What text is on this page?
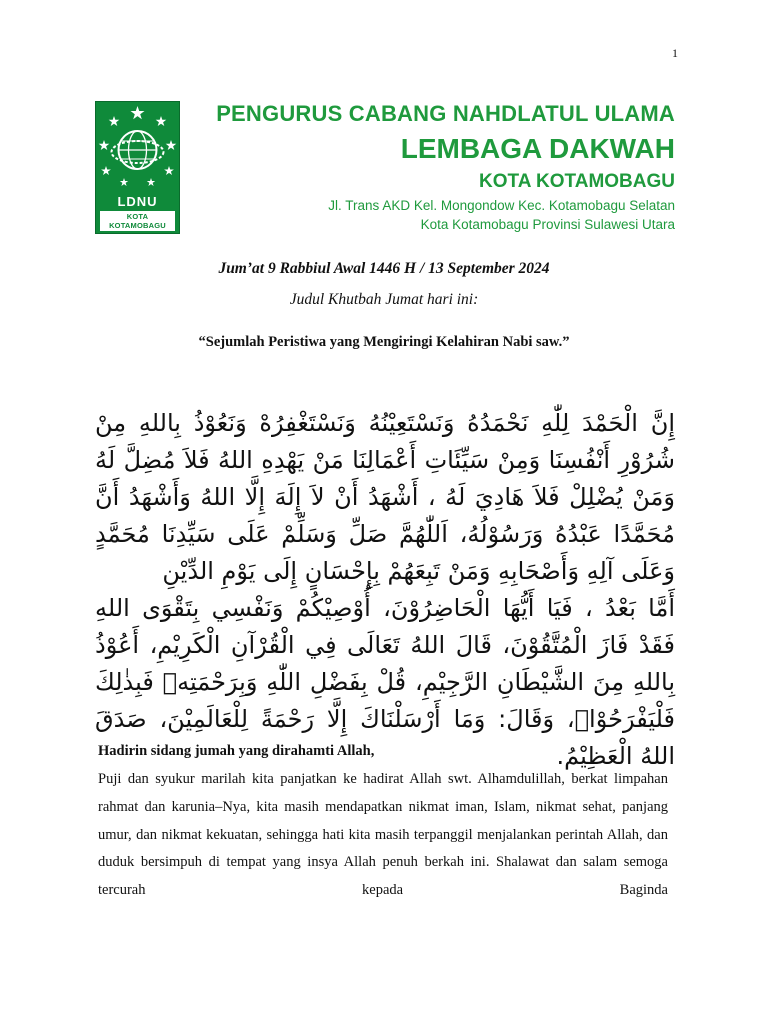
1
LDNU
KOTA KOTAMOBAGU
PENGURUS CABANG NAHDLATUL ULAMA
LEMBAGA DAKWAH
KOTA KOTAMOBAGU
Jl. Trans AKD Kel. Mongondow Kec. Kotamobagu Selatan
Kota Kotamobagu Provinsi Sulawesi Utara
Jum’at 9 Rabbiul Awal 1446 H / 13 September 2024
Judul Khutbah Jumat hari ini:
“Sejumlah Peristiwa yang Mengiringi Kelahiran Nabi saw.”

إِنَّ الْحَمْدَ لِلّٰهِ نَحْمَدُهُ وَنَسْتَعِيْنُهُ وَنَسْتَغْفِرُهْ وَنَعُوْذُ بِاللهِ مِنْ شُرُوْرِ أَنْفُسِنَا وَمِنْ سَيِّئَاتِ أَعْمَالِنَا مَنْ يَهْدِهِ اللهُ فَلاَ مُضِلَّ لَهُ وَمَنْ يُضْلِلْ فَلاَ هَادِيَ لَهُ ، أَشْهَدُ أَنْ لاَ إِلَهَ إِلَّا اللهُ وَأَشْهَدُ أَنَّ مُحَمَّدًا عَبْدُهُ وَرَسُوْلُهُ، اَللّٰهُمَّ صَلِّ وَسَلِّمْ عَلَى سَيِّدِنَا مُحَمَّدٍ وَعَلَى آلِهِ وَأَصْحَابِهِ وَمَنْ تَبِعَهُمْ بِإِحْسَانٍ إِلَى يَوْمِ الدِّيْنِ

أَمَّا بَعْدُ ، فَيَا أَيُّهَا الْحَاضِرُوْنَ، أُوْصِيْكُمْ وَنَفْسِي بِتَقْوَى اللهِ فَقَدْ فَازَ الْمُتَّقُوْنَ، قَالَ اللهُ تَعَالَى فِي الْقُرْآنِ الْكَرِيْمِ، أَعُوْذُ بِاللهِ مِنَ الشَّيْطَانِ الرَّجِيْمِ، قُلْ بِفَضْلِ اللّٰهِ وَبِرَحْمَتِهٖ فَبِذٰلِكَ فَلْيَفْرَحُوْاۗ، وَقَالَ: وَمَا أَرْسَلْنَاكَ إِلَّا رَحْمَةً لِلْعَالَمِيْنَ، صَدَقَ اللهُ الْعَظِيْمُ.

Hadirin sidang jumah yang dirahamti Allah,
Puji dan syukur marilah kita panjatkan ke hadirat Allah swt. Alhamdulillah, berkat limpahan rahmat dan karunia–Nya, kita masih mendapatkan nikmat iman, Islam, nikmat sehat, panjang umur, dan nikmat kekuatan, sehingga hati kita masih terpanggil menjalankan perintah Allah, dan duduk bersimpuh di tempat yang insya Allah penuh berkah ini. Shalawat dan salam semoga tercurah kepada Baginda
